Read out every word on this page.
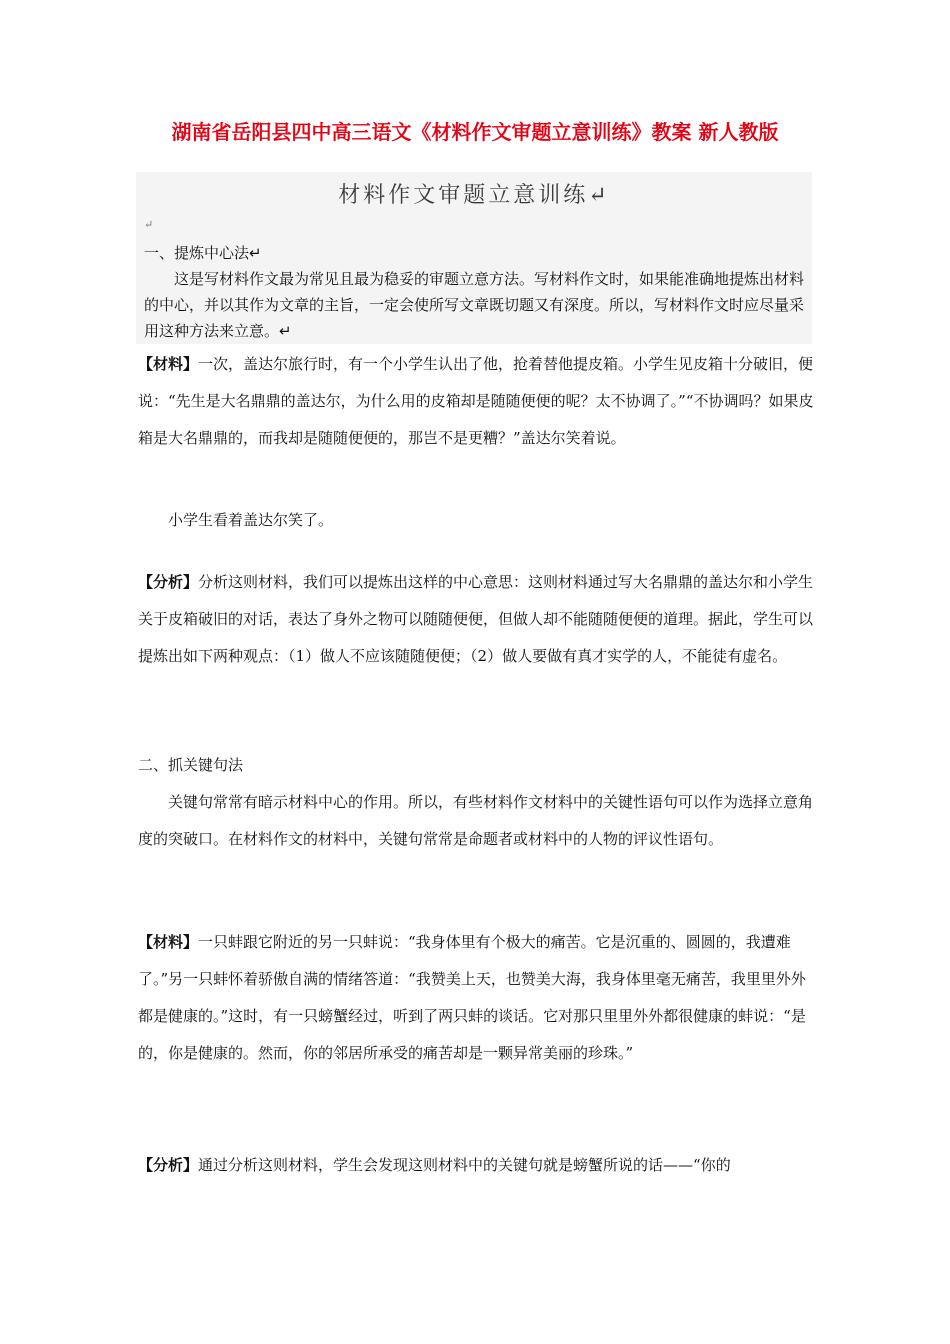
湖南省岳阳县四中高三语文《材料作文审题立意训练》教案 新人教版
材料作文审题立意训练↵
↵
一、提炼中心法↵
这是写材料作文最为常见且最为稳妥的审题立意方法。写材料作文时，如果能准确地提炼出材料的中心，并以其作为文章的主旨，一定会使所写文章既切题又有深度。所以，写材料作文时应尽量采用这种方法来立意。↵
【材料】一次，盖达尔旅行时，有一个小学生认出了他，抢着替他提皮箱。小学生见皮箱十分破旧，便说：“先生是大名鼎鼎的盖达尔，为什么用的皮箱却是随随便便的呢？太不协调了。”“不协调吗？如果皮箱是大名鼎鼎的，而我却是随随便便的，那岂不是更糟？”盖达尔笑着说。
小学生看着盖达尔笑了。
【分析】分析这则材料，我们可以提炼出这样的中心意思：这则材料通过写大名鼎鼎的盖达尔和小学生关于皮箱破旧的对话，表达了身外之物可以随随便便，但做人却不能随随便便的道理。据此，学生可以提炼出如下两种观点：（1）做人不应该随随便便；（2）做人要做有真才实学的人，不能徒有虚名。
二、抓关键句法
关键句常常有暗示材料中心的作用。所以，有些材料作文材料中的关键性语句可以作为选择立意角度的突破口。在材料作文的材料中，关键句常常是命题者或材料中的人物的评议性语句。
【材料】一只蚌跟它附近的另一只蚌说：“我身体里有个极大的痛苦。它是沉重的、圆圆的，我遭难了。”另一只蚌怀着骄傲自满的情绪答道：“我赞美上天，也赞美大海，我身体里毫无痛苦，我里里外外都是健康的。”这时，有一只螃蟹经过，听到了两只蚌的谈话。它对那只里里外外都很健康的蚌说：“是的，你是健康的。然而，你的邻居所承受的痛苦却是一颗异常美丽的珍珠。”
【分析】通过分析这则材料，学生会发现这则材料中的关键句就是螃蟹所说的话——“你的
